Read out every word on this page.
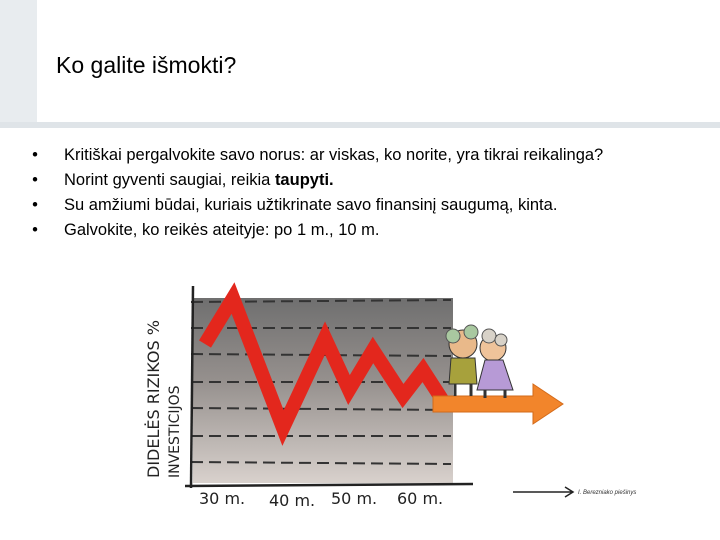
Ko galite išmokti?
• Kritiškai pergalvokite savo norus: ar viskas, ko norite, yra tikrai reikalinga?
• Norint gyventi saugiai, reikia taupyti.
• Su amžiumi būdai, kuriais užtikrinate savo finansinį saugumą, kinta.
• Galvokite, ko reikės ateityje: po 1 m., 10 m.
DIDELĖS RIZIKOS % INVESTICIJOS
30 m. 40 m. 50 m. 60 m.	I. Berezniako piešinys
